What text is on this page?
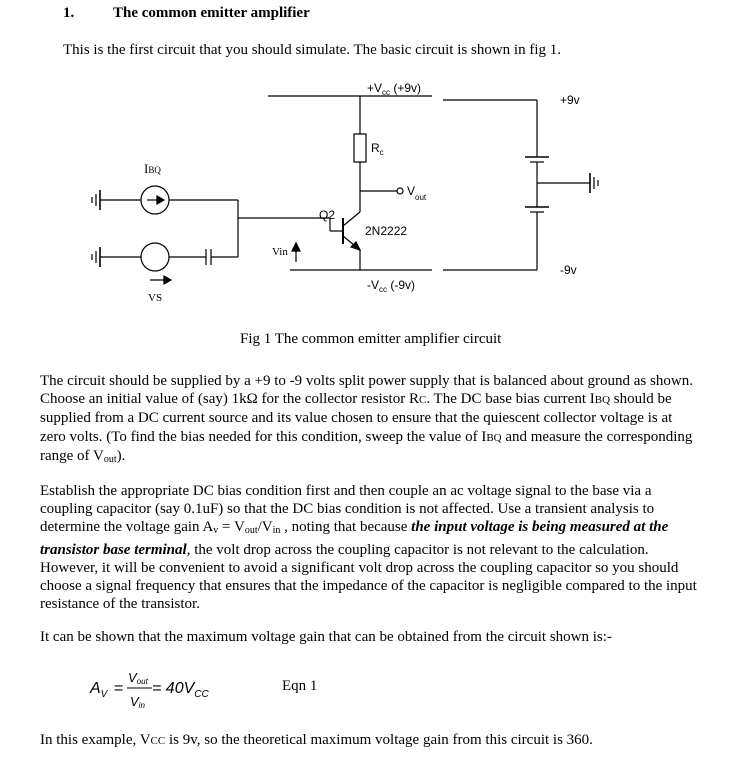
1.	The common emitter amplifier
This is the first circuit that you should simulate. The basic circuit is shown in fig 1.
$+V_{cc}$ (+9v)
$R_c$
$V_{out}$
Q2
2N2222
$-V_{cc}$ (-9v)
IBQ
VS
Vin
+9v
-9v
Fig 1 The common emitter amplifier circuit
The circuit should be supplied by a +9 to -9 volts split power supply that is balanced about ground as shown. Choose an initial value of (say) 1kΩ for the collector resistor RC. The DC base bias current IBQ should be supplied from a DC current source and its value chosen to ensure that the quiescent collector voltage is at zero volts. (To find the bias needed for this condition, sweep the value of IBQ and measure the corresponding range of $V_{out}$).
Establish the appropriate DC bias condition first and then couple an ac voltage signal to the base via a coupling capacitor (say 0.1uF) so that the DC bias condition is not affected. Use a transient analysis to determine the voltage gain $A_v = V_{out}/V_{in}$ , noting that because the input voltage is being measured at the transistor base terminal, the volt drop across the coupling capacitor is not relevant to the calculation. However, it will be convenient to avoid a significant volt drop across the coupling capacitor so you should choose a signal frequency that ensures that the impedance of the capacitor is negligible compared to the input resistance of the transistor.
It can be shown that the maximum voltage gain that can be obtained from the circuit shown is:-
$A_V$ =
Vout
Vin
= $40V_{CC}$
Eqn 1
In this example, VCC is 9v, so the theoretical maximum voltage gain from this circuit is 360.
